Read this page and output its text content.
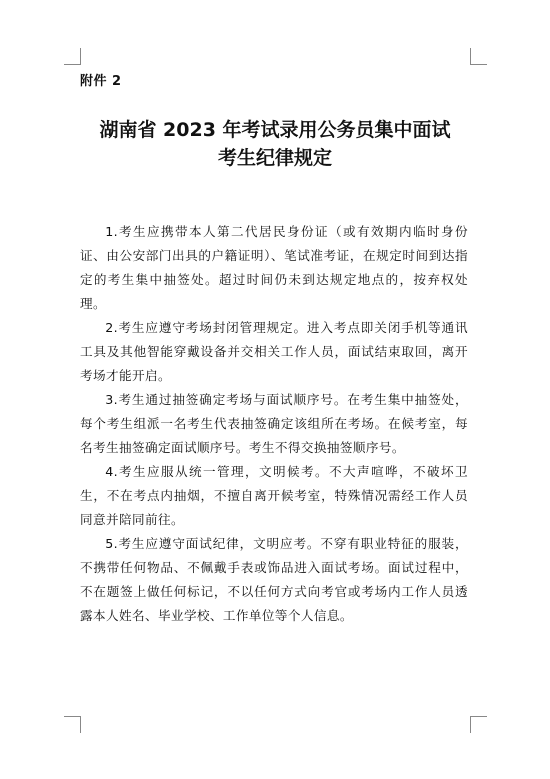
附件 2
湖南省 2023 年考试录用公务员集中面试
考生纪律规定

1.考生应携带本人第二代居民身份证（或有效期内临时身份证、由公安部门出具的户籍证明）、笔试准考证，在规定时间到达指定的考生集中抽签处。超过时间仍未到达规定地点的，按弃权处理。

2.考生应遵守考场封闭管理规定。进入考点即关闭手机等通讯工具及其他智能穿戴设备并交相关工作人员，面试结束取回，离开考场才能开启。

3.考生通过抽签确定考场与面试顺序号。在考生集中抽签处，每个考生组派一名考生代表抽签确定该组所在考场。在候考室，每名考生抽签确定面试顺序号。考生不得交换抽签顺序号。

4.考生应服从统一管理，文明候考。不大声喧哗，不破坏卫生，不在考点内抽烟，不擅自离开候考室，特殊情况需经工作人员同意并陪同前往。

5.考生应遵守面试纪律，文明应考。不穿有职业特征的服装，不携带任何物品、不佩戴手表或饰品进入面试考场。面试过程中，不在题签上做任何标记，不以任何方式向考官或考场内工作人员透露本人姓名、毕业学校、工作单位等个人信息。
